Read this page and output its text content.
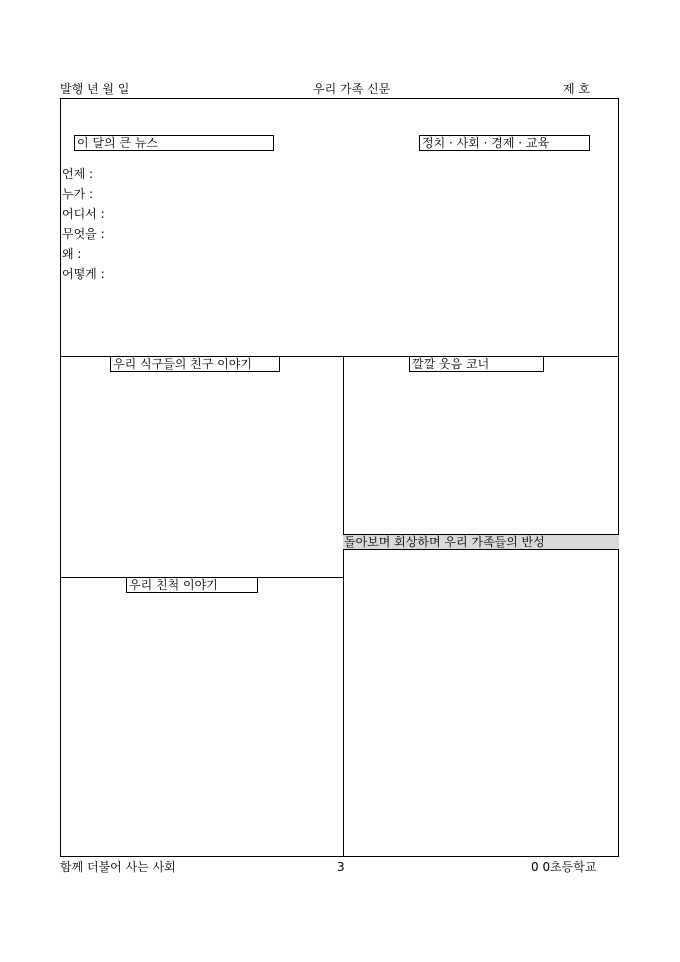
발행 년 월 일	우리 가족 신문	제 호
이 달의 큰 뉴스	정치 · 사회 · 경제 · 교육
언제 :
누가 :
어디서 :
무엇을 :
왜 :
어떻게 :
우리 식구들의 친구 이야기	깔깔 웃음 코너
돌아보며 회상하며 우리 가족들의 반성
우리 친척 이야기
함께 더불어 사는 사회	3	0 0초등학교
